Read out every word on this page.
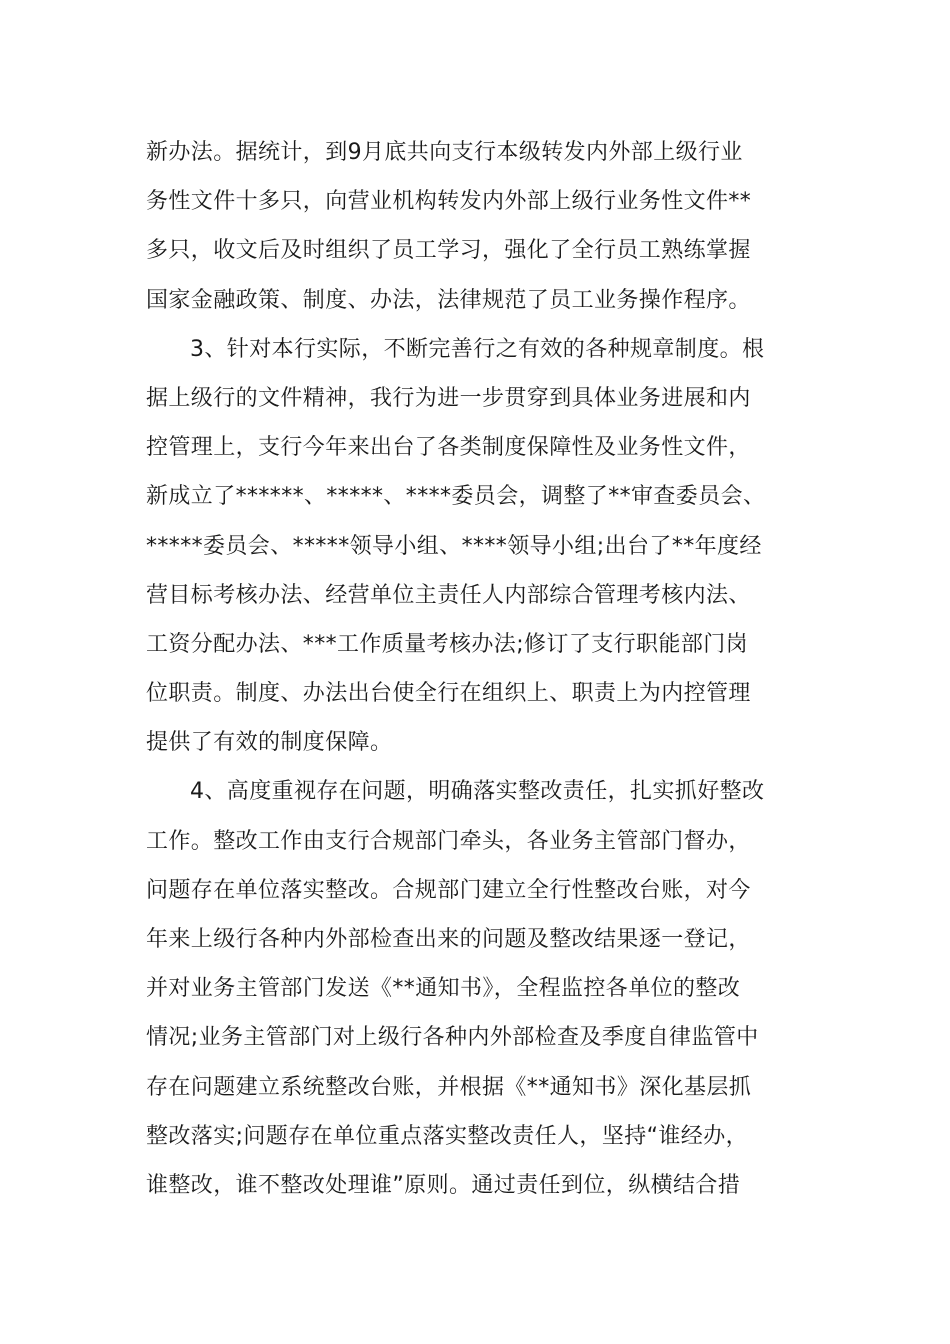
新办法。据统计，到9月底共向支行本级转发内外部上级行业
务性文件十多只，向营业机构转发内外部上级行业务性文件**
多只，收文后及时组织了员工学习，强化了全行员工熟练掌握
国家金融政策、制度、办法，法律规范了员工业务操作程序。
3、针对本行实际，不断完善行之有效的各种规章制度。根
据上级行的文件精神，我行为进一步贯穿到具体业务进展和内
控管理上，支行今年来出台了各类制度保障性及业务性文件，
新成立了******、*****、****委员会，调整了**审查委员会、
*****委员会、*****领导小组、****领导小组;出台了**年度经
营目标考核办法、经营单位主责任人内部综合管理考核内法、
工资分配办法、***工作质量考核办法;修订了支行职能部门岗
位职责。制度、办法出台使全行在组织上、职责上为内控管理
提供了有效的制度保障。
4、高度重视存在问题，明确落实整改责任，扎实抓好整改
工作。整改工作由支行合规部门牵头，各业务主管部门督办，
问题存在单位落实整改。合规部门建立全行性整改台账，对今
年来上级行各种内外部检查出来的问题及整改结果逐一登记，
并对业务主管部门发送《**通知书》，全程监控各单位的整改
情况;业务主管部门对上级行各种内外部检查及季度自律监管中
存在问题建立系统整改台账，并根据《**通知书》深化基层抓
整改落实;问题存在单位重点落实整改责任人，坚持“谁经办，
谁整改，谁不整改处理谁”原则。通过责任到位，纵横结合措
